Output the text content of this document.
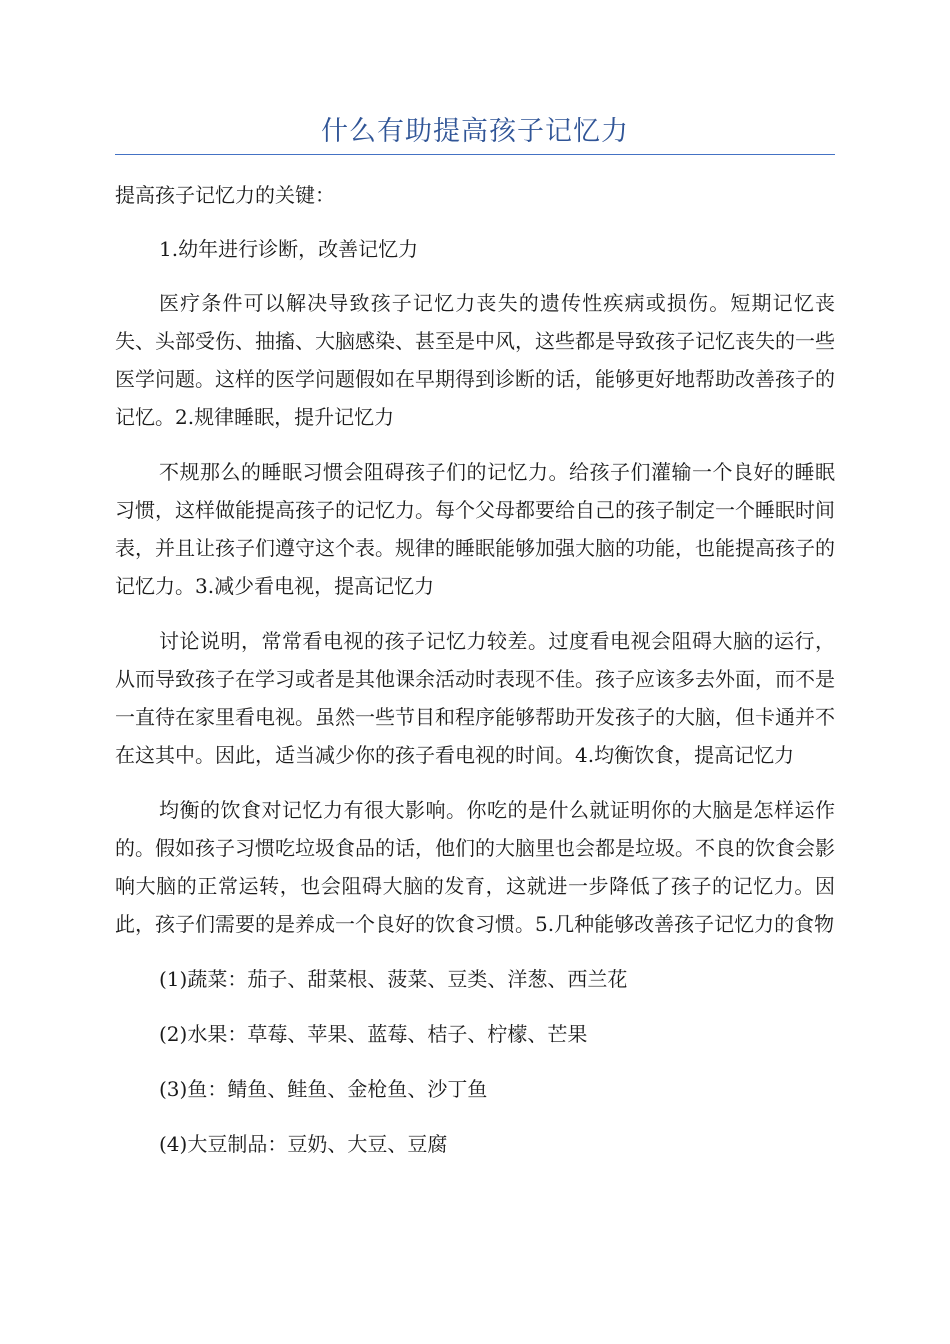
什么有助提高孩子记忆力

提高孩子记忆力的关键：

1.幼年进行诊断，改善记忆力

医疗条件可以解决导致孩子记忆力丧失的遗传性疾病或损伤。短期记忆丧失、头部受伤、抽搐、大脑感染、甚至是中风，这些都是导致孩子记忆丧失的一些医学问题。这样的医学问题假如在早期得到诊断的话，能够更好地帮助改善孩子的记忆。2.规律睡眠，提升记忆力

不规那么的睡眠习惯会阻碍孩子们的记忆力。给孩子们灌输一个良好的睡眠习惯，这样做能提高孩子的记忆力。每个父母都要给自己的孩子制定一个睡眠时间表，并且让孩子们遵守这个表。规律的睡眠能够加强大脑的功能，也能提高孩子的记忆力。3.减少看电视，提高记忆力

讨论说明，常常看电视的孩子记忆力较差。过度看电视会阻碍大脑的运行，从而导致孩子在学习或者是其他课余活动时表现不佳。孩子应该多去外面，而不是一直待在家里看电视。虽然一些节目和程序能够帮助开发孩子的大脑，但卡通并不在这其中。因此，适当减少你的孩子看电视的时间。4.均衡饮食，提高记忆力

均衡的饮食对记忆力有很大影响。你吃的是什么就证明你的大脑是怎样运作的。假如孩子习惯吃垃圾食品的话，他们的大脑里也会都是垃圾。不良的饮食会影响大脑的正常运转，也会阻碍大脑的发育，这就进一步降低了孩子的记忆力。因此，孩子们需要的是养成一个良好的饮食习惯。5.几种能够改善孩子记忆力的食物

(1)蔬菜：茄子、甜菜根、菠菜、豆类、洋葱、西兰花

(2)水果：草莓、苹果、蓝莓、桔子、柠檬、芒果

(3)鱼：鲭鱼、鲑鱼、金枪鱼、沙丁鱼

(4)大豆制品：豆奶、大豆、豆腐
